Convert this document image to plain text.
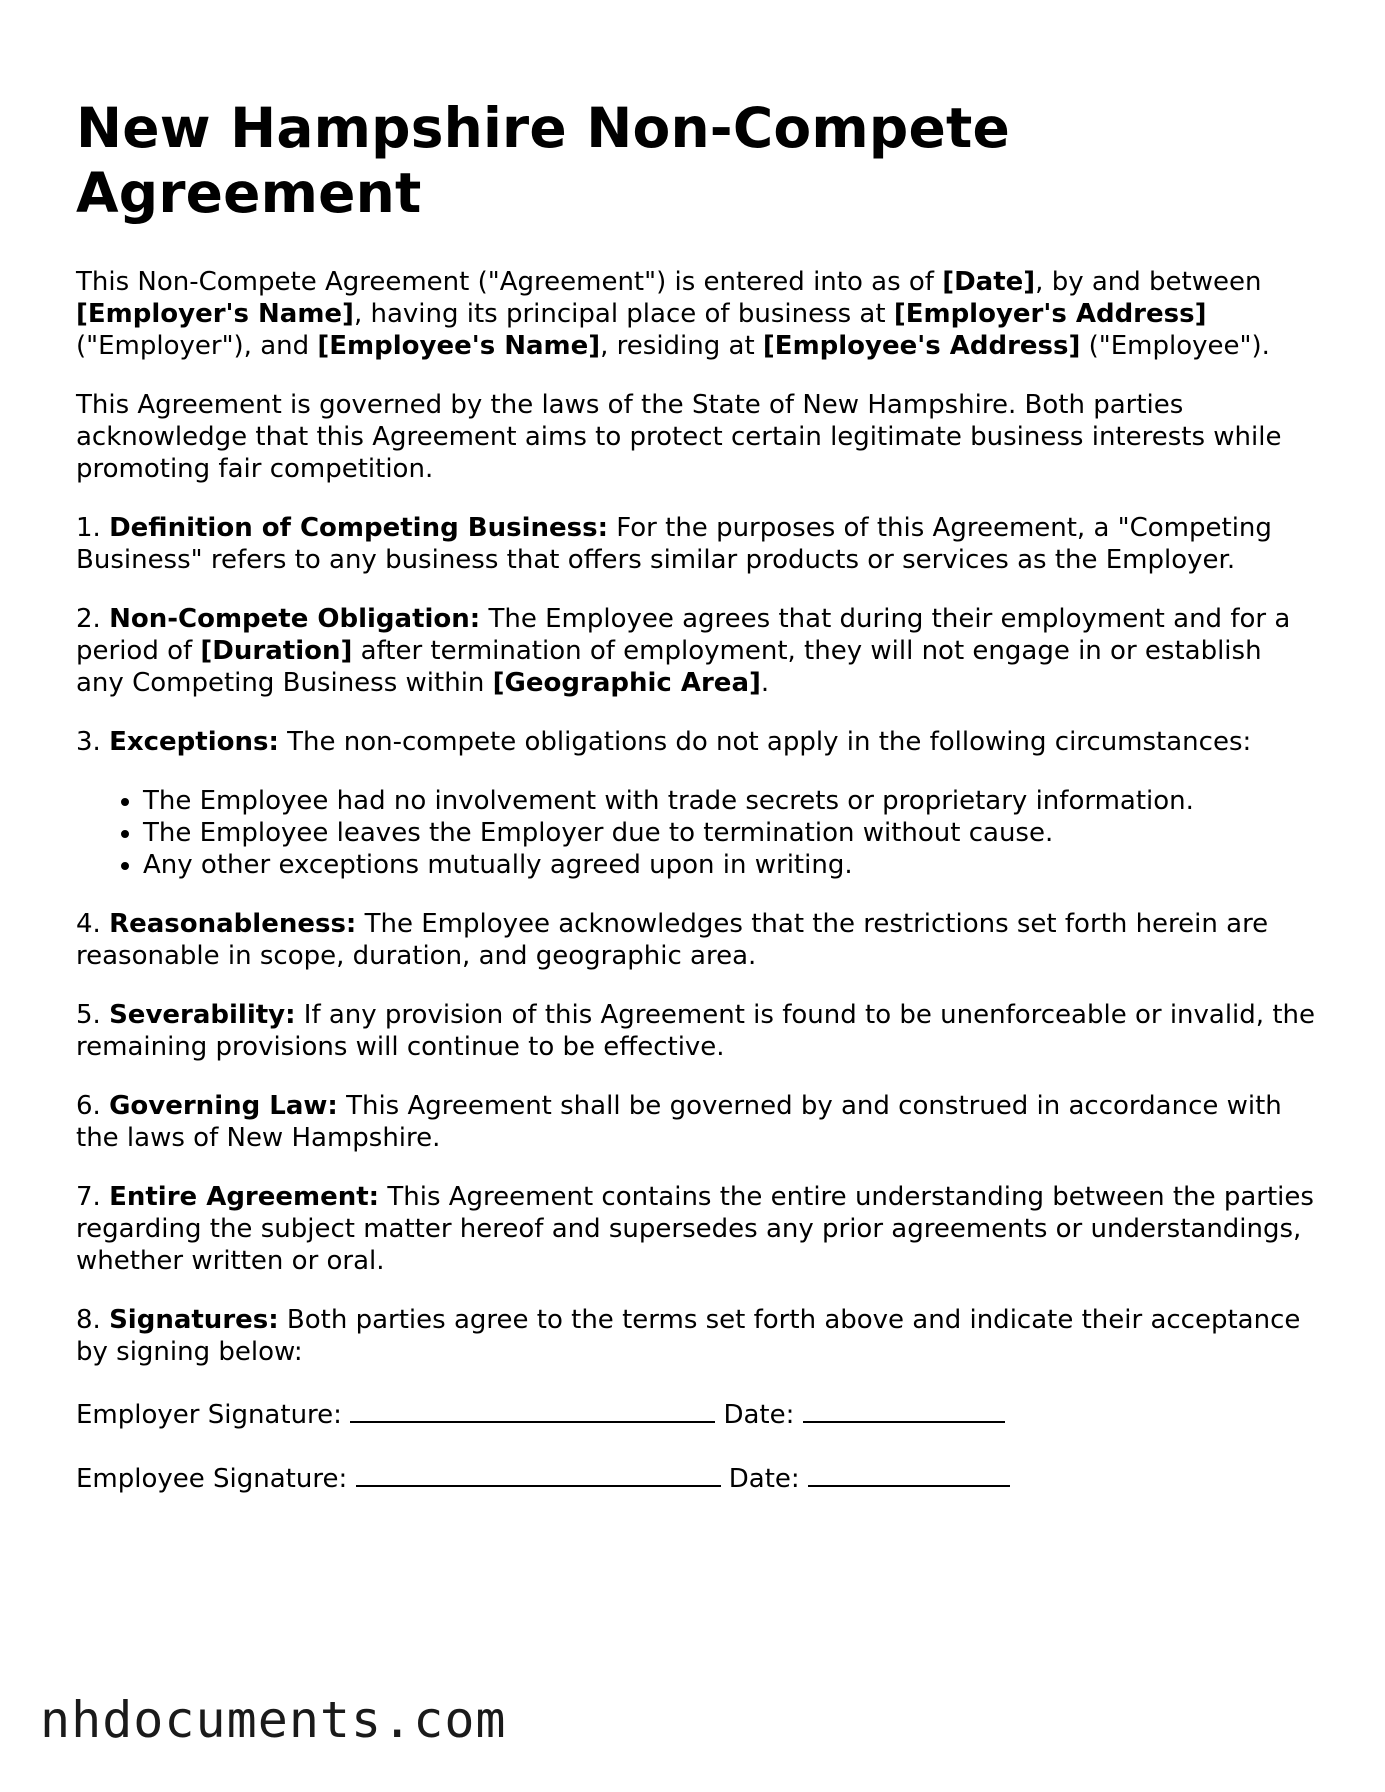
New Hampshire Non-Compete Agreement

This Non-Compete Agreement ("Agreement") is entered into as of [Date], by and between [Employer's Name], having its principal place of business at [Employer's Address] ("Employer"), and [Employee's Name], residing at [Employee's Address] ("Employee").

This Agreement is governed by the laws of the State of New Hampshire. Both parties acknowledge that this Agreement aims to protect certain legitimate business interests while promoting fair competition.

1. Definition of Competing Business: For the purposes of this Agreement, a "Competing Business" refers to any business that offers similar products or services as the Employer.

2. Non-Compete Obligation: The Employee agrees that during their employment and for a period of [Duration] after termination of employment, they will not engage in or establish any Competing Business within [Geographic Area].

3. Exceptions: The non-compete obligations do not apply in the following circumstances:

• The Employee had no involvement with trade secrets or proprietary information.
• The Employee leaves the Employer due to termination without cause.
• Any other exceptions mutually agreed upon in writing.

4. Reasonableness: The Employee acknowledges that the restrictions set forth herein are reasonable in scope, duration, and geographic area.

5. Severability: If any provision of this Agreement is found to be unenforceable or invalid, the remaining provisions will continue to be effective.

6. Governing Law: This Agreement shall be governed by and construed in accordance with the laws of New Hampshire.

7. Entire Agreement: This Agreement contains the entire understanding between the parties regarding the subject matter hereof and supersedes any prior agreements or understandings, whether written or oral.

8. Signatures: Both parties agree to the terms set forth above and indicate their acceptance by signing below:

Employer Signature:	Date:
Employee Signature:	Date:
nhdocuments.com
